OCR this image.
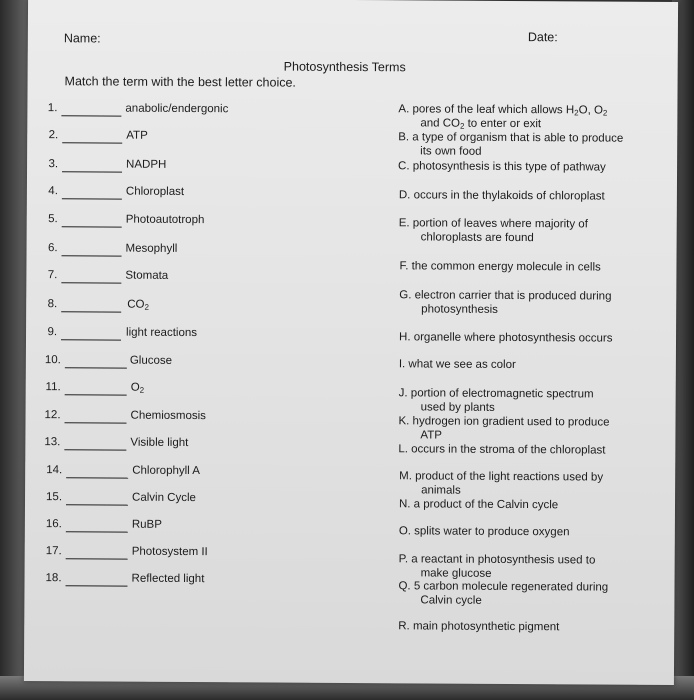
Name:	Date:
Photosynthesis Terms
Match the term with the best letter choice.
1.	anabolic/endergonic
2.	ATP
3.	NADPH
4.	Chloroplast
5.	Photoautotroph
6.	Mesophyll
7.	Stomata
8.	$CO_2$
9.	light reactions
10.	Glucose
11.	$O_2$
12.	Chemiosmosis
13.	Visible light
14.	Chlorophyll A
15.	Calvin Cycle
16.	RuBP
17.	Photosystem II
18.	Reflected light
A. pores of the leaf which allows $H_2O$, $O_2$
and $CO_2$ to enter or exit
B. a type of organism that is able to produce
its own food
C. photosynthesis is this type of pathway
D. occurs in the thylakoids of chloroplast
E. portion of leaves where majority of
chloroplasts are found
F. the common energy molecule in cells
G. electron carrier that is produced during
photosynthesis
H. organelle where photosynthesis occurs
I. what we see as color
J. portion of electromagnetic spectrum
used by plants
K. hydrogen ion gradient used to produce
ATP
L. occurs in the stroma of the chloroplast
M. product of the light reactions used by
animals
N. a product of the Calvin cycle
O. splits water to produce oxygen
P. a reactant in photosynthesis used to
make glucose
Q. 5 carbon molecule regenerated during
Calvin cycle
R. main photosynthetic pigment
